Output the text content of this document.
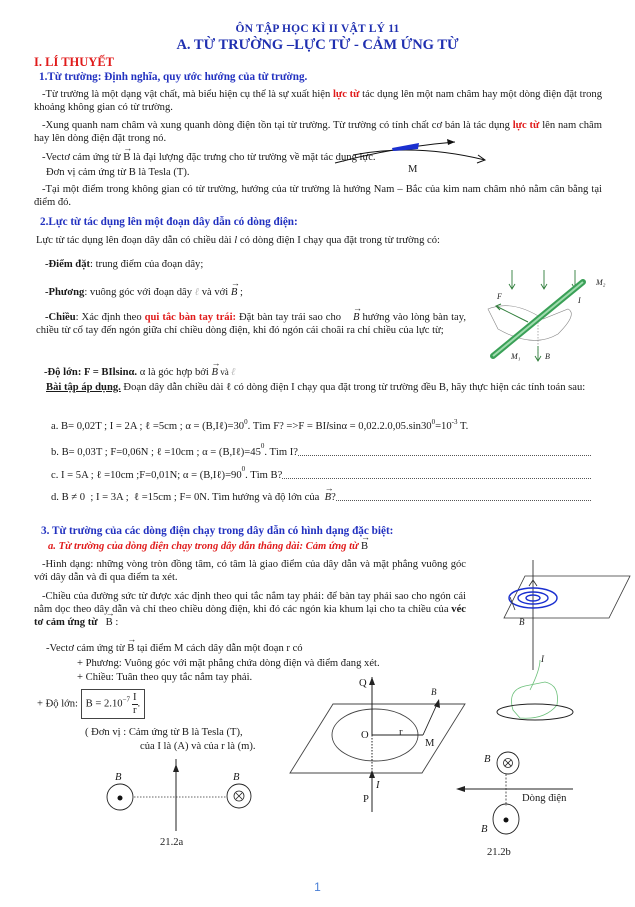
ÔN TẬP HỌC KÌ II VẬT LÝ 11
A. TỪ TRƯỜNG –LỰC TỪ - CẢM ỨNG TỪ
I. LÍ THUYẾT
1.Từ trường: Định nghĩa, quy ước hướng của từ trường.
-Từ trường là một dạng vật chất, mà biểu hiện cụ thể là sự xuất hiện lực từ tác dụng lên một nam châm hay một dòng điện đặt trong khoảng không gian có từ trường.
-Xung quanh nam châm và xung quanh dòng điện tồn tại từ trường. Từ trường có tính chất cơ bản là tác dụng lực từ lên nam châm hay lên dòng điện đặt trong nó.
-Vectơ cảm ứng từ → B là đại lượng đặc trưng cho từ trường về mặt tác dụng lực.
Đơn vị cảm ứng từ B là Tesla (T).	M
-Tại một điểm trong không gian có từ trường, hướng của từ trường là hướng Nam – Bắc của kim nam châm nhỏ nằm cân bằng tại điểm đó.
2.Lực từ tác dụng lên một đoạn dây dẫn có dòng điện:
Lực từ tác dụng lên đoạn dây dẫn có chiều dài l có dòng điện I chạy qua đặt trong từ trường có:
-Điểm đặt: trung điểm của đoạn dây;
-Phương: vuông góc với đoạn dây ℓ và với → B ;
-Chiều: Xác định theo qui tắc bàn tay trái: Đặt bàn tay trái sao cho → B hướng vào lòng bàn tay, chiều từ cổ tay đến ngón giữa chỉ chiều dòng điện, khi đó ngón cái choãi ra chỉ chiều của lực từ;
F	I
M₂
M₁	B
-Độ lớn: F = BIlsinα. α là góc hợp bởi → B và ℓ
Bài tập áp dụng. Đoạn dây dẫn chiều dài ℓ có dòng điện I chạy qua đặt trong từ trường đều B, hãy thực hiện các tính toán sau:
a. B= 0,02T ; I = 2A ; ℓ =5cm ; $\alpha = (B,I\ell)=30^0$. Tìm F? $=>F = BIlsin\alpha = 0,02.2.0,05.\sin 30^0=10^{-3}$ T.
b. B= 0,03T ; F=0,06N ; ℓ =10cm ; α = (B,Iℓ)=45
0
. Tìm I?
c. I = 5A ; ℓ =10cm ;F=0,01N; α = (B,Iℓ)=90
0
. Tìm B?
d. B ≠ 0  ; I = 3A ;  ℓ =15cm ; F= 0N. Tìm hướng và độ lớn của → B ?
3. Từ trường của các dòng điện chạy trong dây dẫn có hình dạng đặc biệt:
a. Từ trường của dòng điện chạy trong dây dẫn thẳng dài: Cảm ứng từ → B
-Hình dạng: những vòng tròn đồng tâm, có tâm là giao điểm của dây dẫn và mặt phẳng vuông góc với dây dẫn và đi qua điểm ta xét.
-Chiều của đường sức từ được xác định theo qui tắc nắm tay phải: để bàn tay phải sao cho ngón cái nằm dọc theo dây dẫn và chỉ theo chiều dòng điện, khi đó các ngón kia khum lại cho ta chiều của véc tơ cảm ứng từ→ B :
-Vectơ cảm ứng từ → B tại điểm M cách dây dẫn một đoạn r có
+ Phương: Vuông góc với mặt phẳng chứa dòng điện và điểm đang xét.
+ Chiều: Tuân theo quy tắc nắm tay phải.
+ Độ lớn: $B = 2.10^{-7} \frac{I}{r}$ .
( Đơn vị : Cảm ứng từ B là Tesla (T),
của I là (A) và của r là (m).
B
I
Q
B
O	r
M
I
P
B	B
21.2a
B
Dòng điện
B
21.2b
1
